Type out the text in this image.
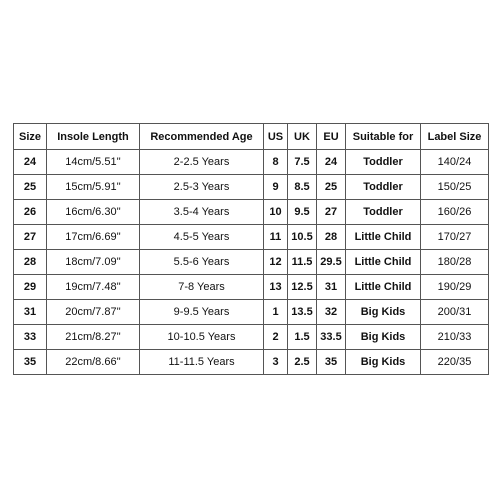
Size	Insole Length	Recommended Age	US	UK	EU	Suitable for	Label Size
24	14cm/5.51''	2-2.5 Years	8	7.5	24	Toddler	140/24
25	15cm/5.91''	2.5-3 Years	9	8.5	25	Toddler	150/25
26	16cm/6.30''	3.5-4 Years	10	9.5	27	Toddler	160/26
27	17cm/6.69''	4.5-5 Years	11	10.5	28	Little Child	170/27
28	18cm/7.09''	5.5-6 Years	12	11.5	29.5	Little Child	180/28
29	19cm/7.48''	7-8 Years	13	12.5	31	Little Child	190/29
31	20cm/7.87''	9-9.5 Years	1	13.5	32	Big Kids	200/31
33	21cm/8.27''	10-10.5 Years	2	1.5	33.5	Big Kids	210/33
35	22cm/8.66''	11-11.5 Years	3	2.5	35	Big Kids	220/35
